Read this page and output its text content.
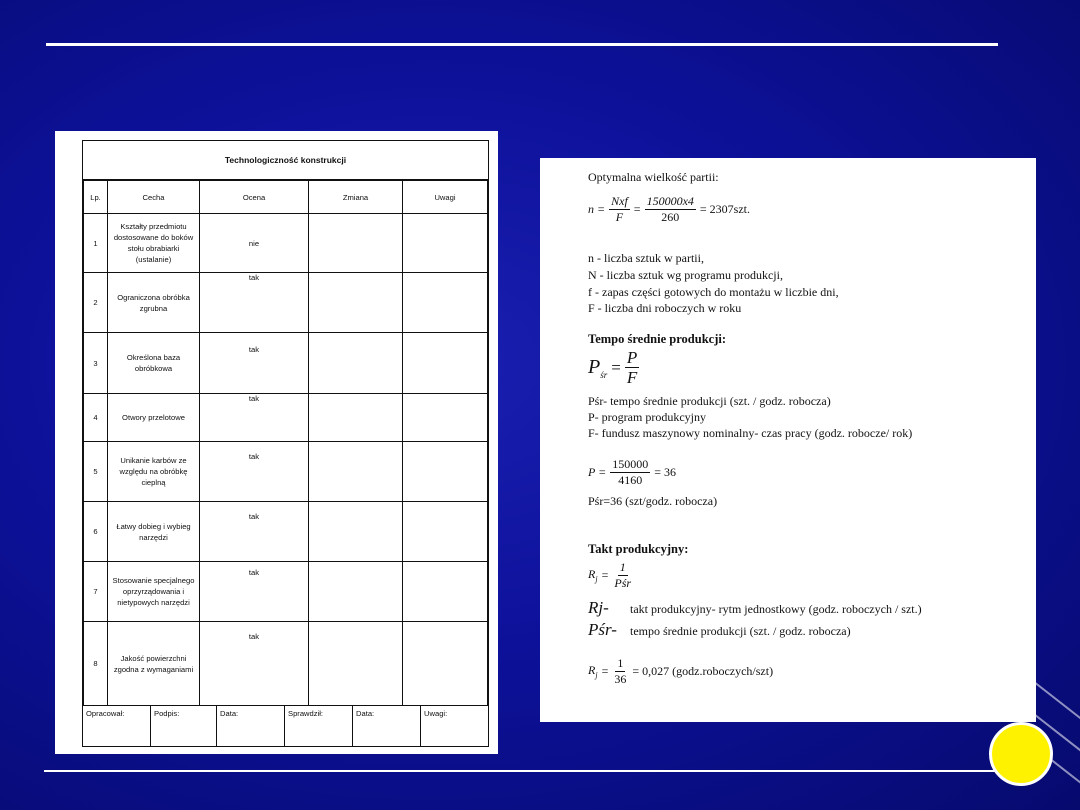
Technologiczność konstrukcji
Lp.	Cecha	Ocena	Zmiana	Uwagi
1	Kształty przedmiotu dostosowane do boków stołu obrabiarki (ustalanie)	nie		
2	Ograniczona obróbka zgrubna	tak		
3	Określona baza obróbkowa	tak		
4	Otwory przelotowe	tak		
5	Unikanie karbów ze względu na obróbkę cieplną	tak		
6	Łatwy dobieg i wybieg narzędzi	tak		
7	Stosowanie specjalnego oprzyrządowania i nietypowych narzędzi	tak		
8	Jakość powierzchni zgodna z wymaganiami	tak		
Opracował:	Podpis:	Data:	Sprawdził:	Data:	Uwagi:
Optymalna wielkość partii:
$n = \frac{\text{Nxf}}{F} = \frac{150000x4}{260} = 2307szt$.
n - liczba sztuk w partii,
N - liczba sztuk wg programu produkcji,
f - zapas części gotowych do montażu w liczbie dni,
F - liczba dni roboczych w roku
Tempo średnie produkcji:
$P_{śr} = \frac{P}{F}$
Pśr- tempo średnie produkcji (szt. / godz. robocza)
P- program produkcyjny
F- fundusz maszynowy nominalny- czas pracy (godz. robocze/ rok)
$P = \frac{150000}{4160} = 36$
Pśr=36 (szt/godz. robocza)
Takt produkcyjny:
$R_j = \frac{1}{\text{Pśr}}$
Rj- takt produkcyjny- rytm jednostkowy (godz. roboczych / szt.)
Pśr- tempo średnie produkcji (szt. / godz. robocza)
$R_j = \frac{1}{36} = 0,027$ (godz.roboczych/szt)
